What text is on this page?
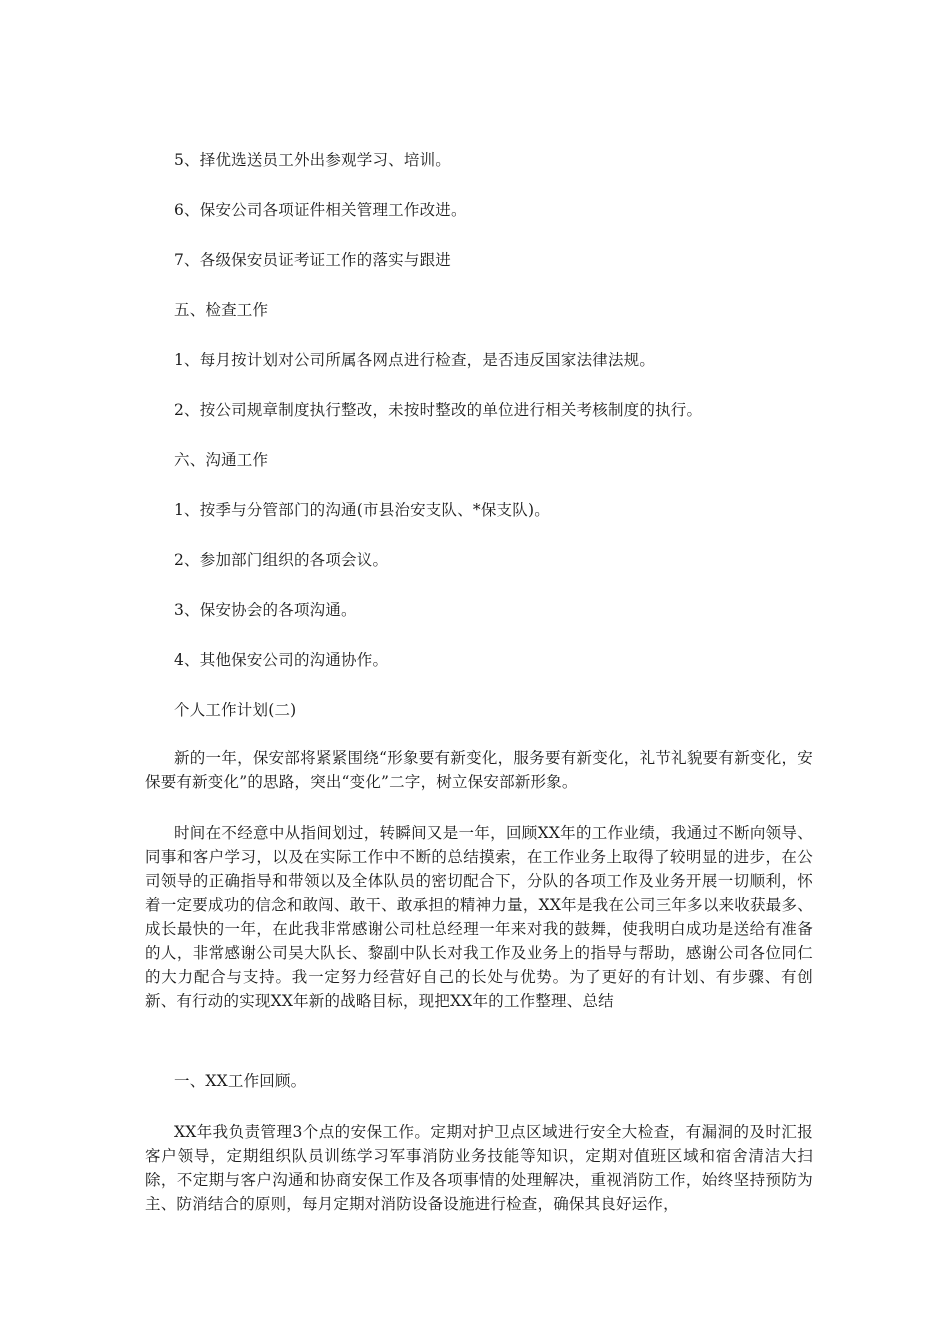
5、择优选送员工外出参观学习、培训。
6、保安公司各项证件相关管理工作改进。
7、各级保安员证考证工作的落实与跟进
五、检查工作
1、每月按计划对公司所属各网点进行检查，是否违反国家法律法规。
2、按公司规章制度执行整改，未按时整改的单位进行相关考核制度的执行。
六、沟通工作
1、按季与分管部门的沟通(市县治安支队、*保支队)。
2、参加部门组织的各项会议。
3、保安协会的各项沟通。
4、其他保安公司的沟通协作。
个人工作计划(二)

新的一年，保安部将紧紧围绕“形象要有新变化，服务要有新变化，礼节礼貌要有新变化，安保要有新变化”的思路，突出“变化”二字，树立保安部新形象。

时间在不经意中从指间划过，转瞬间又是一年，回顾XX年的工作业绩，我通过不断向领导、同事和客户学习，以及在实际工作中不断的总结摸索，在工作业务上取得了较明显的进步，在公司领导的正确指导和带领以及全体队员的密切配合下，分队的各项工作及业务开展一切顺利，怀着一定要成功的信念和敢闯、敢干、敢承担的精神力量，XX年是我在公司三年多以来收获最多、成长最快的一年，在此我非常感谢公司杜总经理一年来对我的鼓舞，使我明白成功是送给有准备的人，非常感谢公司吴大队长、黎副中队长对我工作及业务上的指导与帮助，感谢公司各位同仁的大力配合与支持。我一定努力经营好自己的长处与优势。为了更好的有计划、有步骤、有创新、有行动的实现XX年新的战略目标，现把XX年的工作整理、总结

一、XX工作回顾。

XX年我负责管理3个点的安保工作。定期对护卫点区域进行安全大检查，有漏洞的及时汇报客户领导，定期组织队员训练学习军事消防业务技能等知识，定期对值班区域和宿舍清洁大扫除，不定期与客户沟通和协商安保工作及各项事情的处理解决，重视消防工作，始终坚持预防为主、防消结合的原则，每月定期对消防设备设施进行检查，确保其良好运作，
